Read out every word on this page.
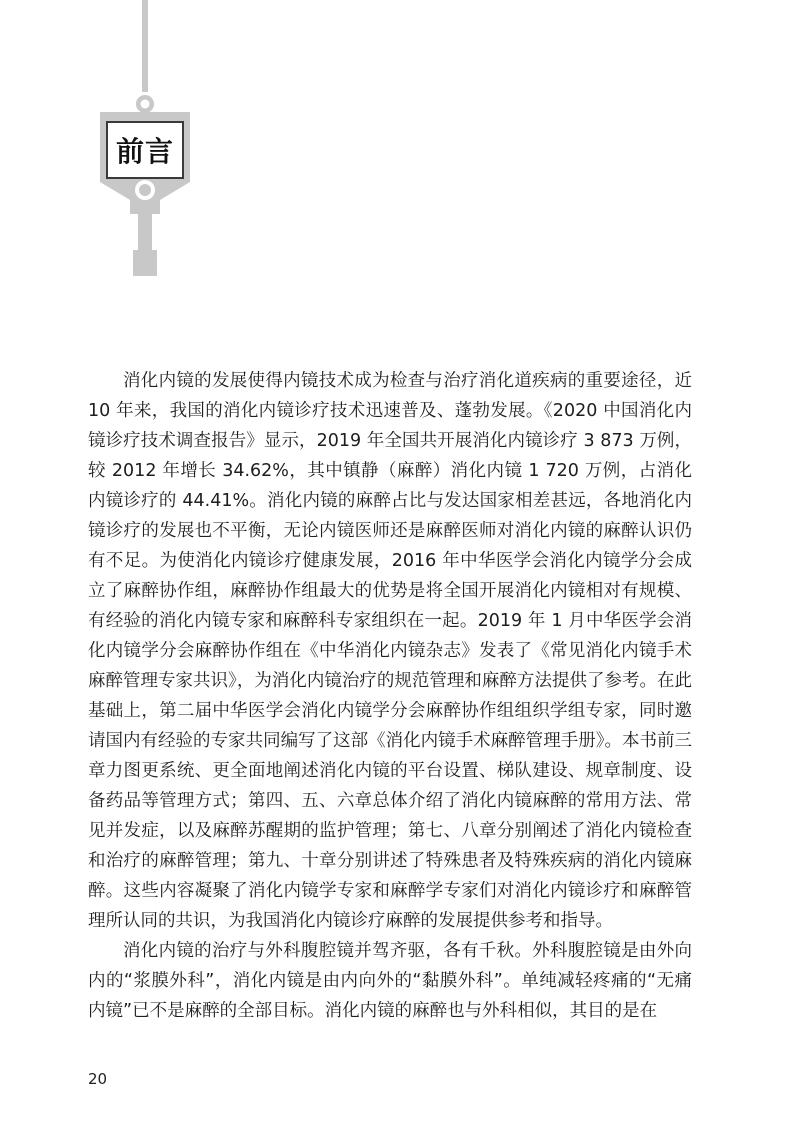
前言

消化内镜的发展使得内镜技术成为检查与治疗消化道疾病的重要途径，近10 年来，我国的消化内镜诊疗技术迅速普及、蓬勃发展。《2020 中国消化内镜诊疗技术调查报告》显示，2019 年全国共开展消化内镜诊疗 3 873 万例，较 2012 年增长 34.62%，其中镇静（麻醉）消化内镜 1 720 万例，占消化内镜诊疗的 44.41%。消化内镜的麻醉占比与发达国家相差甚远，各地消化内镜诊疗的发展也不平衡，无论内镜医师还是麻醉医师对消化内镜的麻醉认识仍有不足。为使消化内镜诊疗健康发展，2016 年中华医学会消化内镜学分会成立了麻醉协作组，麻醉协作组最大的优势是将全国开展消化内镜相对有规模、有经验的消化内镜专家和麻醉科专家组织在一起。2019 年 1 月中华医学会消化内镜学分会麻醉协作组在《中华消化内镜杂志》发表了《常见消化内镜手术麻醉管理专家共识》，为消化内镜治疗的规范管理和麻醉方法提供了参考。在此基础上，第二届中华医学会消化内镜学分会麻醉协作组组织学组专家，同时邀请国内有经验的专家共同编写了这部《消化内镜手术麻醉管理手册》。本书前三章力图更系统、更全面地阐述消化内镜的平台设置、梯队建设、规章制度、设备药品等管理方式；第四、五、六章总体介绍了消化内镜麻醉的常用方法、常见并发症，以及麻醉苏醒期的监护管理；第七、八章分别阐述了消化内镜检查和治疗的麻醉管理；第九、十章分别讲述了特殊患者及特殊疾病的消化内镜麻醉。这些内容凝聚了消化内镜学专家和麻醉学专家们对消化内镜诊疗和麻醉管理所认同的共识，为我国消化内镜诊疗麻醉的发展提供参考和指导。

消化内镜的治疗与外科腹腔镜并驾齐驱，各有千秋。外科腹腔镜是由外向内的“浆膜外科”，消化内镜是由内向外的“黏膜外科”。单纯减轻疼痛的“无痛内镜”已不是麻醉的全部目标。消化内镜的麻醉也与外科相似，其目的是在

20
